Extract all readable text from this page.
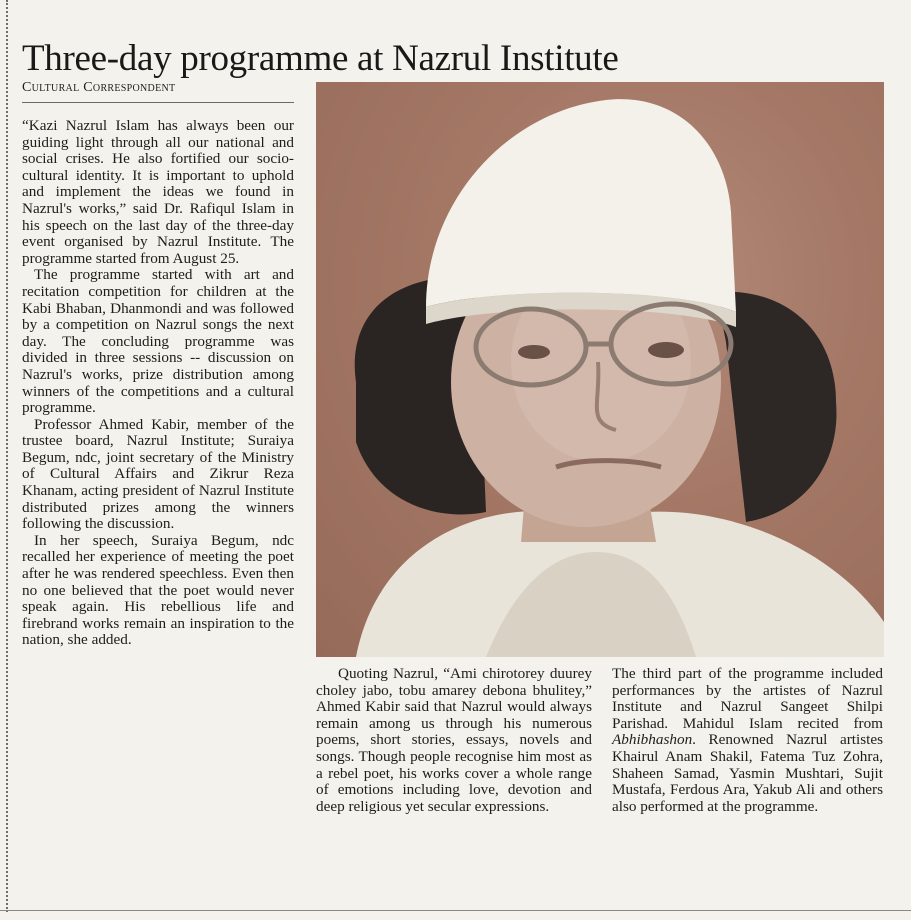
Three-day programme at Nazrul Institute
Cultural Correspondent

“Kazi Nazrul Islam has always been our guiding light through all our national and social crises. He also fortified our socio-cultural identity. It is important to uphold and implement the ideas we found in Nazrul's works,” said Dr. Rafiqul Islam in his speech on the last day of the three-day event organised by Nazrul Institute. The programme started from August 25.

The programme started with art and recitation competition for children at the Kabi Bhaban, Dhanmondi and was followed by a competition on Nazrul songs the next day. The concluding programme was divided in three sessions -- discussion on Nazrul's works, prize distribution among winners of the competitions and a cultural programme.

Professor Ahmed Kabir, member of the trustee board, Nazrul Institute; Suraiya Begum, ndc, joint secretary of the Ministry of Cultural Affairs and Zikrur Reza Khanam, acting president of Nazrul Institute distributed prizes among the winners following the discussion.

In her speech, Suraiya Begum, ndc recalled her experience of meeting the poet after he was rendered speechless. Even then no one believed that the poet would never speak again. His rebellious life and firebrand works remain an inspiration to the nation, she added.

Quoting Nazrul, “Ami chirotorey duurey choley jabo, tobu amarey debona bhulitey,” Ahmed Kabir said that Nazrul would always remain among us through his numerous poems, short stories, essays, novels and songs. Though people recognise him most as a rebel poet, his works cover a whole range of emotions including love, devotion and deep religious yet secular expressions.

The third part of the programme included performances by the artistes of Nazrul Institute and Nazrul Sangeet Shilpi Parishad. Mahidul Islam recited from Abhibhashon. Renowned Nazrul artistes Khairul Anam Shakil, Fatema Tuz Zohra, Shaheen Samad, Yasmin Mushtari, Sujit Mustafa, Ferdous Ara, Yakub Ali and others also performed at the programme.
